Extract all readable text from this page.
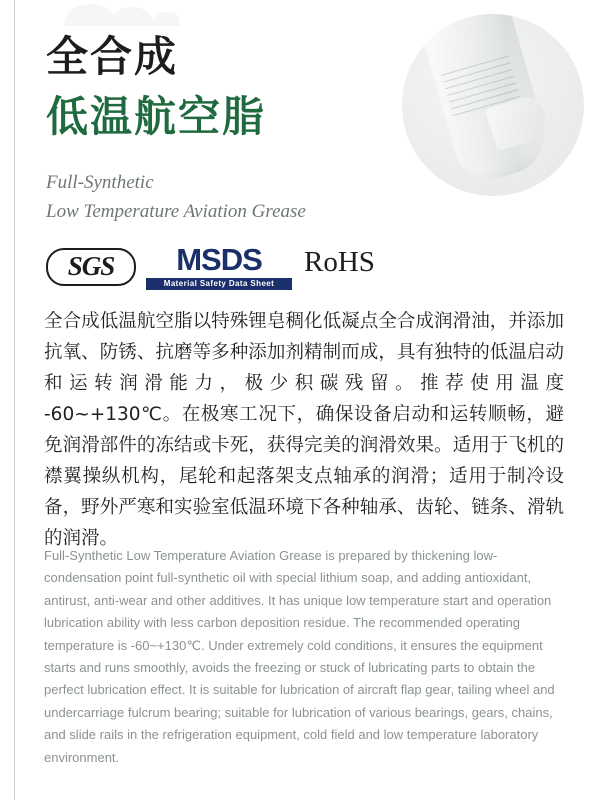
全合成
低温航空脂
Full-Synthetic
Low Temperature Aviation Grease
SGS	MSDS
Material Safety Data Sheet
RoHS
全合成低温航空脂以特殊锂皂稠化低凝点全合成润滑油，并添加抗氧、防锈、抗磨等多种添加剂精制而成，具有独特的低温启动和运转润滑能力，极少积碳残留。推荐使用温度 -60~+130℃。在极寒工况下，确保设备启动和运转顺畅，避免润滑部件的冻结或卡死，获得完美的润滑效果。适用于飞机的襟翼操纵机构，尾轮和起落架支点轴承的润滑；适用于制冷设备，野外严寒和实验室低温环境下各种轴承、齿轮、链条、滑轨的润滑。
Full-Synthetic Low Temperature Aviation Grease is prepared by thickening low-condensation point full-synthetic oil with special lithium soap, and adding antioxidant, antirust, anti-wear and other additives. It has unique low temperature start and operation lubrication ability with less carbon deposition residue. The recommended operating temperature is -60~+130℃. Under extremely cold conditions, it ensures the equipment starts and runs smoothly, avoids the freezing or stuck of lubricating parts to obtain the perfect lubrication effect. It is suitable for lubrication of aircraft flap gear, tailing wheel and undercarriage fulcrum bearing; suitable for lubrication of various bearings, gears, chains, and slide rails in the refrigeration equipment, cold field and low temperature laboratory environment.
